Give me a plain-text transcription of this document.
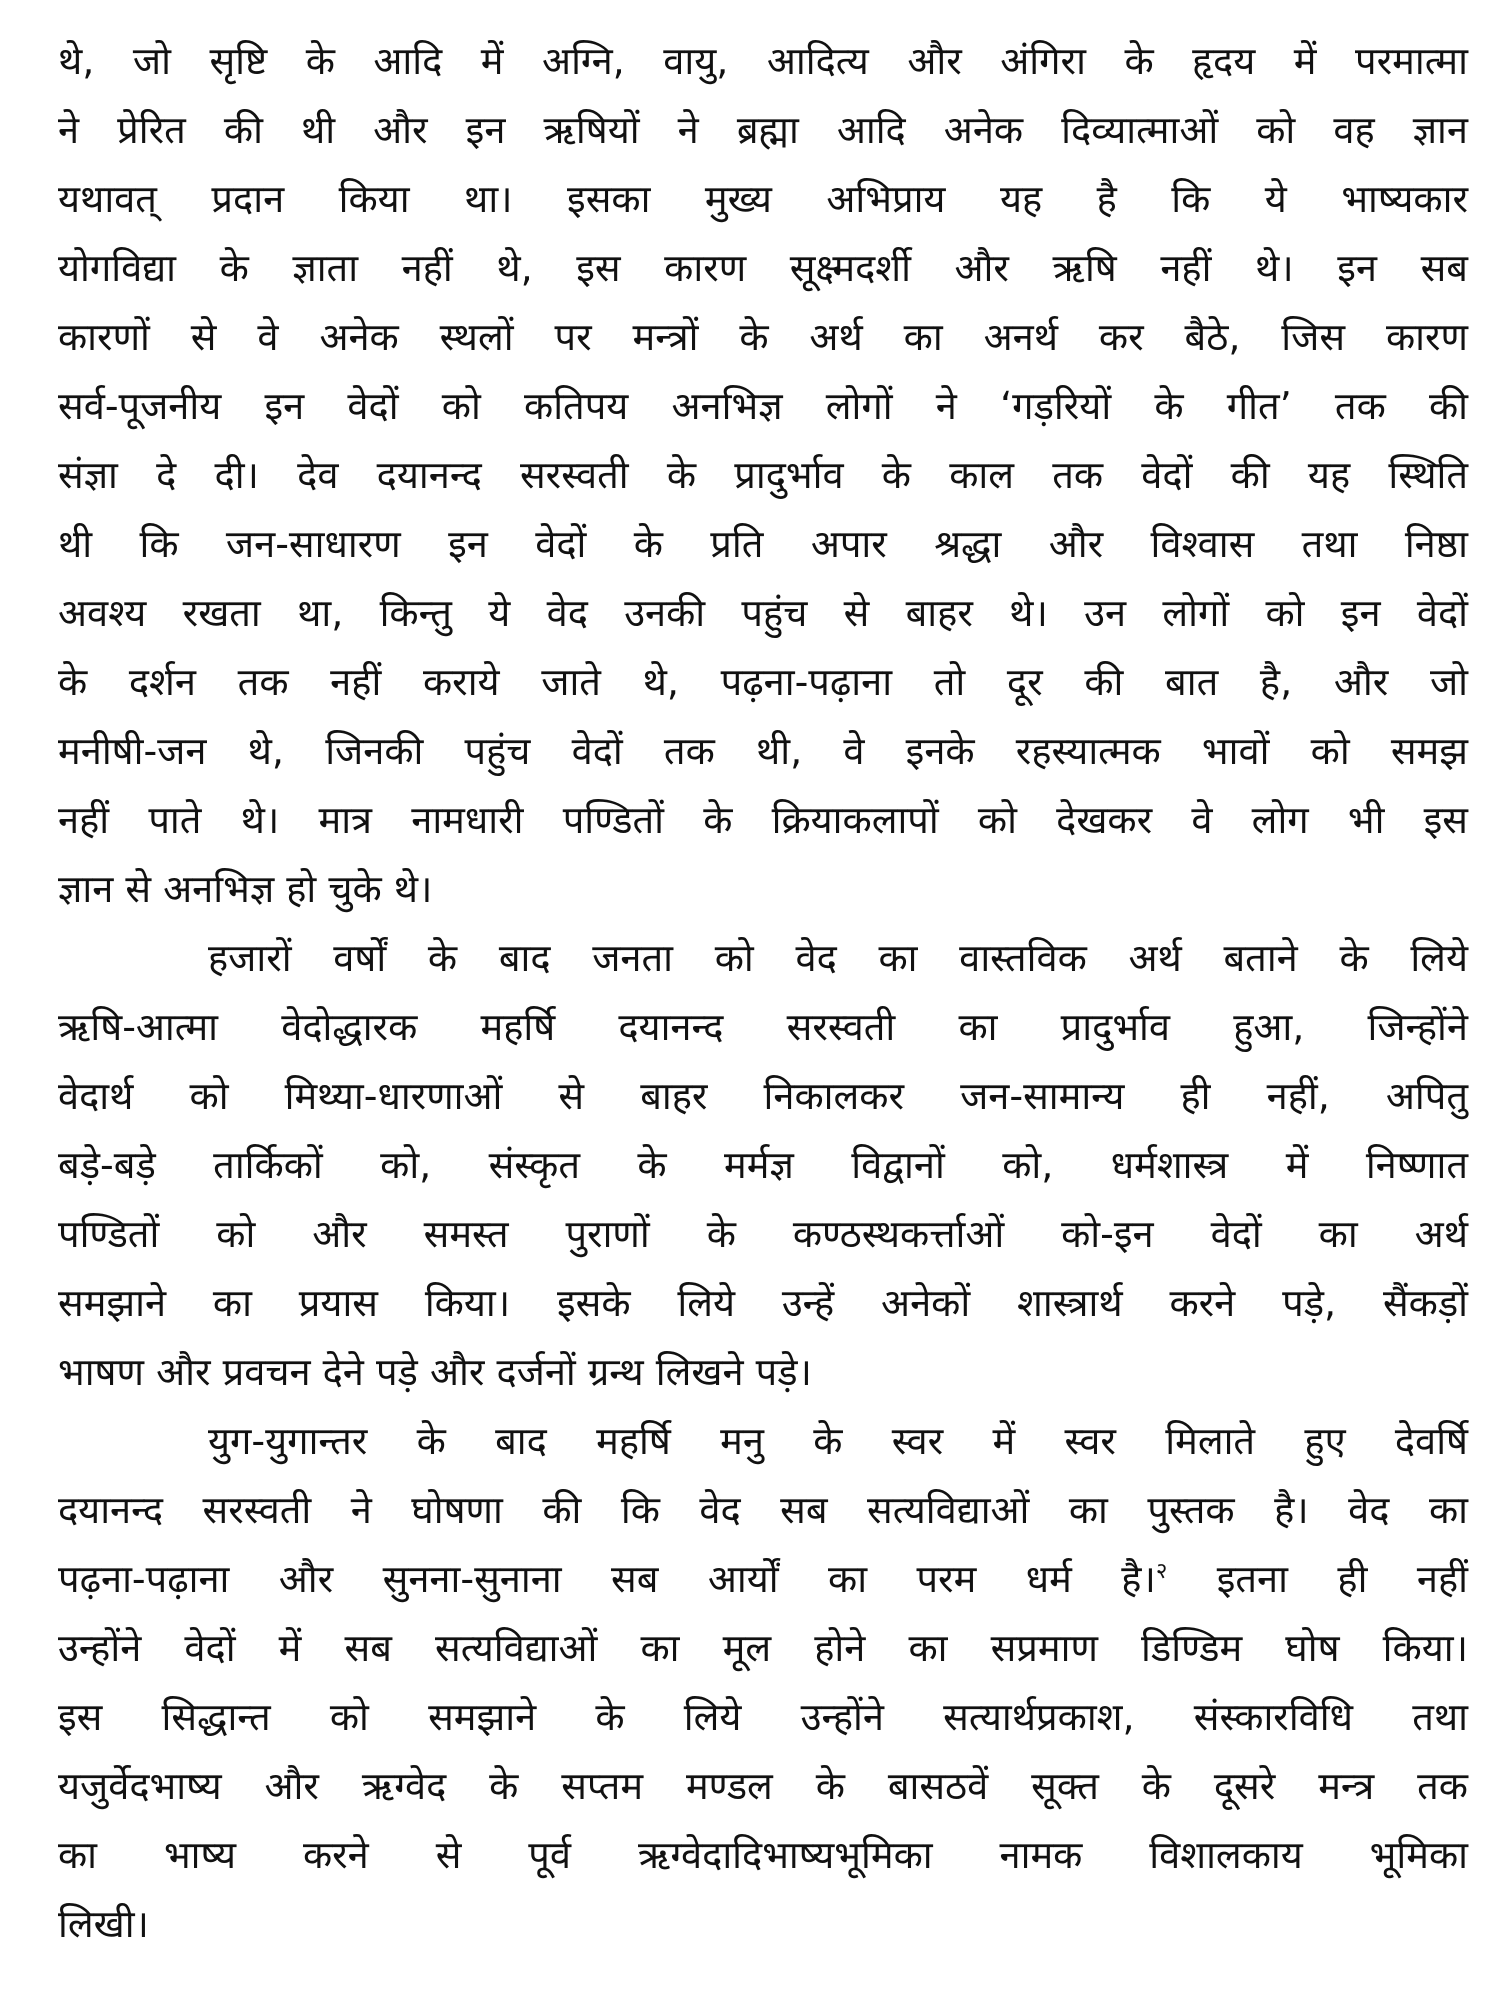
थे, जो सृष्टि के आदि में अग्नि, वायु, आदित्य और अंगिरा के हृदय में परमात्मा
ने प्रेरित की थी और इन ऋषियों ने ब्रह्मा आदि अनेक दिव्यात्माओं को वह ज्ञान
यथावत् प्रदान किया था। इसका मुख्य अभिप्राय यह है कि ये भाष्यकार
योगविद्या के ज्ञाता नहीं थे, इस कारण सूक्ष्मदर्शी और ऋषि नहीं थे। इन सब
कारणों से वे अनेक स्थलों पर मन्त्रों के अर्थ का अनर्थ कर बैठे, जिस कारण
सर्व-पूजनीय इन वेदों को कतिपय अनभिज्ञ लोगों ने ‘गड़रियों के गीत’ तक की
संज्ञा दे दी। देव दयानन्द सरस्वती के प्रादुर्भाव के काल तक वेदों की यह स्थिति
थी कि जन-साधारण इन वेदों के प्रति अपार श्रद्धा और विश्वास तथा निष्ठा
अवश्य रखता था, किन्तु ये वेद उनकी पहुंच से बाहर थे। उन लोगों को इन वेदों
के दर्शन तक नहीं कराये जाते थे, पढ़ना-पढ़ाना तो दूर की बात है, और जो
मनीषी-जन थे, जिनकी पहुंच वेदों तक थी, वे इनके रहस्यात्मक भावों को समझ
नहीं पाते थे। मात्र नामधारी पण्डितों के क्रियाकलापों को देखकर वे लोग भी इस
ज्ञान से अनभिज्ञ हो चुके थे।
हजारों वर्षों के बाद जनता को वेद का वास्तविक अर्थ बताने के लिये
ऋषि-आत्मा वेदोद्धारक महर्षि दयानन्द सरस्वती का प्रादुर्भाव हुआ, जिन्होंने
वेदार्थ को मिथ्या-धारणाओं से बाहर निकालकर जन-सामान्य ही नहीं, अपितु
बड़े-बड़े तार्किकों को, संस्कृत के मर्मज्ञ विद्वानों को, धर्मशास्त्र में निष्णात
पण्डितों को और समस्त पुराणों के कण्ठस्थकर्त्ताओं को-इन वेदों का अर्थ
समझाने का प्रयास किया। इसके लिये उन्हें अनेकों शास्त्रार्थ करने पड़े, सैंकड़ों
भाषण और प्रवचन देने पड़े और दर्जनों ग्रन्थ लिखने पड़े।
युग-युगान्तर के बाद महर्षि मनु के स्वर में स्वर मिलाते हुए देवर्षि
दयानन्द सरस्वती ने घोषणा की कि वेद सब सत्यविद्याओं का पुस्तक है। वेद का
पढ़ना-पढ़ाना और सुनना-सुनाना सब आर्यों का परम धर्म है।$^२$ इतना ही नहीं
उन्होंने वेदों में सब सत्यविद्याओं का मूल होने का सप्रमाण डिण्डिम घोष किया।
इस सिद्धान्त को समझाने के लिये उन्होंने सत्यार्थप्रकाश, संस्कारविधि तथा
यजुर्वेदभाष्य और ऋग्वेद के सप्तम मण्डल के बासठवें सूक्त के दूसरे मन्त्र तक
का भाष्य करने से पूर्व ऋग्वेदादिभाष्यभूमिका नामक विशालकाय भूमिका
लिखी।
